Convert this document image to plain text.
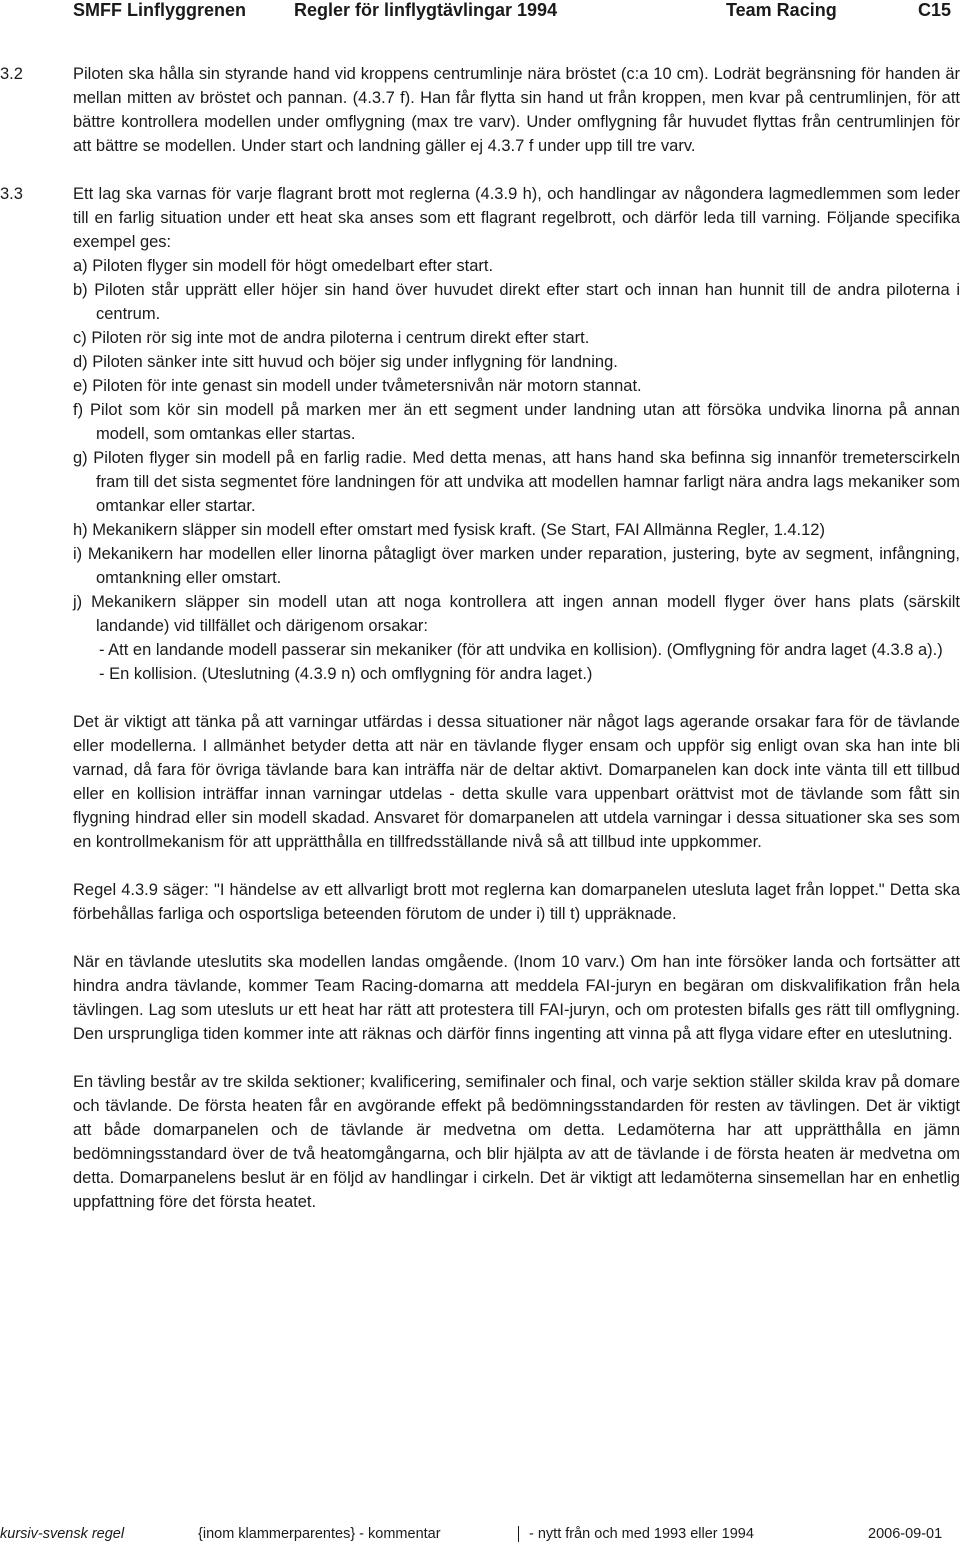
SMFF Linflyggrenen	Regler för linflygtävlingar 1994	Team Racing	C15
3.2	Piloten ska hålla sin styrande hand vid kroppens centrumlinje nära bröstet (c:a 10 cm). Lodrät begränsning för handen är mellan mitten av bröstet och pannan. (4.3.7 f). Han får flytta sin hand ut från kroppen, men kvar på centrumlinjen, för att bättre kontrollera modellen under omflygning (max tre varv). Under omflygning får huvudet flyttas från centrumlinjen för att bättre se modellen. Under start och landning gäller ej 4.3.7 f under upp till tre varv.
3.3	Ett lag ska varnas för varje flagrant brott mot reglerna (4.3.9 h), och handlingar av någondera lagmedlemmen som leder till en farlig situation under ett heat ska anses som ett flagrant regelbrott, och därför leda till varning. Följande specifika exempel ges:
a) Piloten flyger sin modell för högt omedelbart efter start.
b) Piloten står upprätt eller höjer sin hand över huvudet direkt efter start och innan han hunnit till de andra piloterna i centrum.
c) Piloten rör sig inte mot de andra piloterna i centrum direkt efter start.
d) Piloten sänker inte sitt huvud och böjer sig under inflygning för landning.
e) Piloten för inte genast sin modell under tvåmetersnivån när motorn stannat.
f) Pilot som kör sin modell på marken mer än ett segment under landning utan att försöka undvika linorna på annan modell, som omtankas eller startas.
g) Piloten flyger sin modell på en farlig radie. Med detta menas, att hans hand ska befinna sig innanför tremeterscirkeln fram till det sista segmentet före landningen för att undvika att modellen hamnar farligt nära andra lags mekaniker som omtankar eller startar.
h) Mekanikern släpper sin modell efter omstart med fysisk kraft. (Se Start, FAI Allmänna Regler, 1.4.12)
i) Mekanikern har modellen eller linorna påtagligt över marken under reparation, justering, byte av segment, infångning, omtankning eller omstart.
j) Mekanikern släpper sin modell utan att noga kontrollera att ingen annan modell flyger över hans plats (särskilt landande) vid tillfället och därigenom orsakar:
- Att en landande modell passerar sin mekaniker (för att undvika en kollision). (Omflygning för andra laget (4.3.8 a).)
- En kollision. (Uteslutning (4.3.9 n) och omflygning för andra laget.)
Det är viktigt att tänka på att varningar utfärdas i dessa situationer när något lags agerande orsakar fara för de tävlande eller modellerna. I allmänhet betyder detta att när en tävlande flyger ensam och uppför sig enligt ovan ska han inte bli varnad, då fara för övriga tävlande bara kan inträffa när de deltar aktivt. Domarpanelen kan dock inte vänta till ett tillbud eller en kollision inträffar innan varningar utdelas - detta skulle vara uppenbart orättvist mot de tävlande som fått sin flygning hindrad eller sin modell skadad. Ansvaret för domarpanelen att utdela varningar i dessa situationer ska ses som en kontrollmekanism för att upprätthålla en tillfredsställande nivå så att tillbud inte uppkommer.
Regel 4.3.9 säger: "I händelse av ett allvarligt brott mot reglerna kan domarpanelen utesluta laget från loppet." Detta ska förbehållas farliga och osportsliga beteenden förutom de under i) till t) uppräknade.
När en tävlande uteslutits ska modellen landas omgående. (Inom 10 varv.) Om han inte försöker landa och fortsätter att hindra andra tävlande, kommer Team Racing-domarna att meddela FAI-juryn en begäran om diskvalifikation från hela tävlingen. Lag som utesluts ur ett heat har rätt att protestera till FAI-juryn, och om protesten bifalls ges rätt till omflygning. Den ursprungliga tiden kommer inte att räknas och därför finns ingenting att vinna på att flyga vidare efter en uteslutning.
En tävling består av tre skilda sektioner; kvalificering, semifinaler och final, och varje sektion ställer skilda krav på domare och tävlande. De första heaten får en avgörande effekt på bedömningsstandarden för resten av tävlingen. Det är viktigt att både domarpanelen och de tävlande är medvetna om detta. Ledamöterna har att upprätthålla en jämn bedömningsstandard över de två heatomgångarna, och blir hjälpta av att de tävlande i de första heaten är medvetna om detta. Domarpanelens beslut är en följd av handlingar i cirkeln. Det är viktigt att ledamöterna sinsemellan har en enhetlig uppfattning före det första heatet.
kursiv-svensk regel	{inom klammerparentes} - kommentar	- nytt från och med 1993 eller 1994	2006-09-01
